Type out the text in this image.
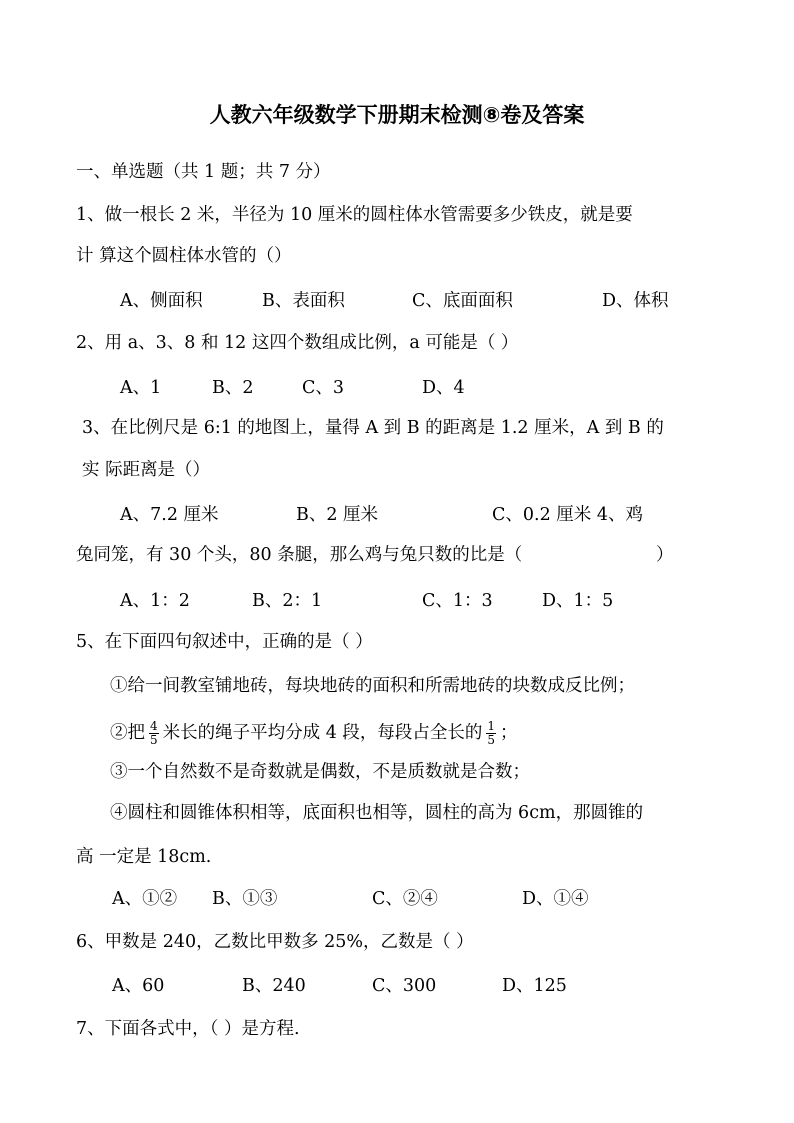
人教六年级数学下册期末检测⑧卷及答案
一、单选题（共 1 题；共 7 分）
1、做一根长 2 米，半径为 10 厘米的圆柱体水管需要多少铁皮，就是要
计 算这个圆柱体水管的（）
A、侧面积	B、表面积	C、底面面积	D、体积
2、用 a、3、8 和 12 这四个数组成比例，a 可能是（ ）
A、1	B、2	C、3	D、4
3、在比例尺是 6:1 的地图上，量得 A 到 B 的距离是 1.2 厘米，A 到 B 的
实 际距离是（）
A、7.2 厘米	B、2 厘米	C、0.2 厘米 4、鸡
兔同笼，有 30 个头，80 条腿，那么鸡与兔只数的比是（	）
A、1：2	B、2：1	C、1：3	D、1：5
5、在下面四句叙述中，正确的是（ ）
①给一间教室铺地砖，每块地砖的面积和所需地砖的块数成反比例；
②把 $\frac{4}{5}$ 米长的绳子平均分成 4 段，每段占全长的 $\frac{1}{5}$ ；
③一个自然数不是奇数就是偶数，不是质数就是合数；
④圆柱和圆锥体积相等，底面积也相等，圆柱的高为 6cm，那圆锥的
高 一定是 18cm.
A、①② B、①③	C、②④	D、①④
6、甲数是 240，乙数比甲数多 25%，乙数是（ ）
A、60	B、240	C、300	D、125
7、下面各式中，（ ）是方程.
